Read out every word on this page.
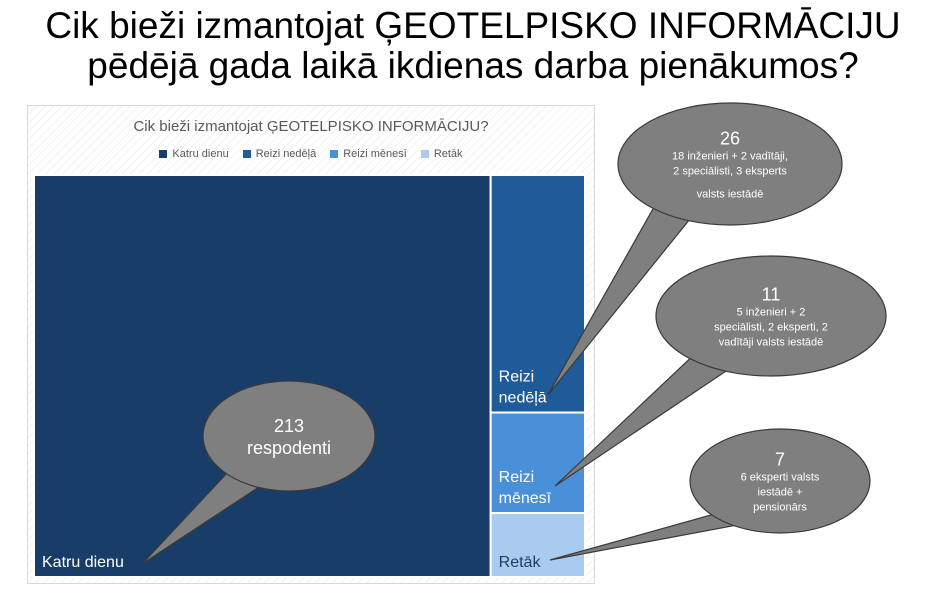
Cik bieži izmantojat ĢEOTELPISKO INFORMĀCIJU
pēdējā gada laikā ikdienas darba pienākumos?
Cik bieži izmantojat ĢEOTELPISKO INFORMĀCIJU?
Katru dienu Reizi nedēļā Reizi mēnesī Retāk
Katru dienu
Reizi
nedēļā
Reizi
mēnesī
Retāk
213
respodenti
26
18 inženieri + 2 vadītāji,
2 speciālisti, 3 eksperts
valsts iestādē
11
5 inženieri + 2
speciālisti, 2 eksperti, 2
vadītāji valsts iestādē
7
6 eksperti valsts
iestādē +
pensionārs
